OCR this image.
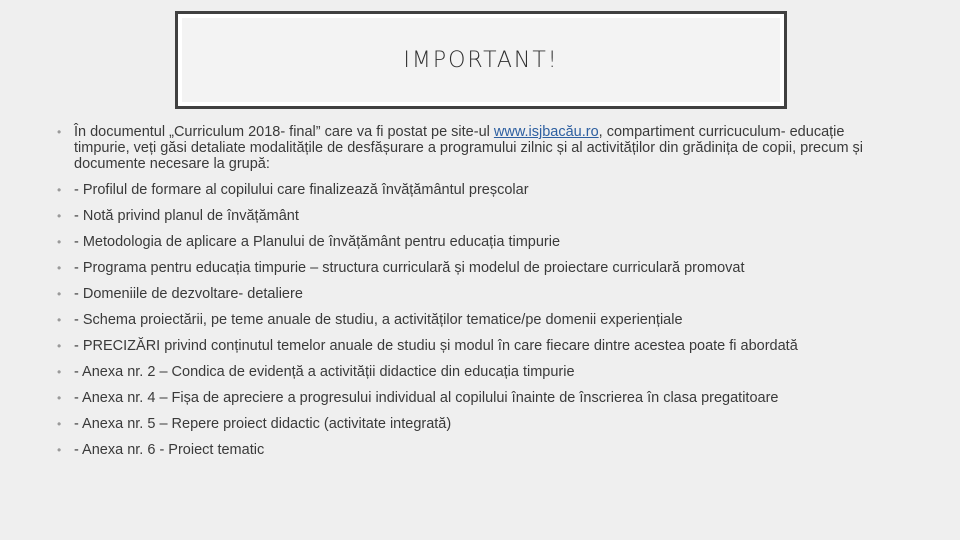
IMPORTANT!
• În documentul „Curriculum 2018- final” care va fi postat pe site-ul www.isjbacău.ro, compartiment curricuculum- educație timpurie, veți găsi detaliate modalitățile de desfășurare a programului zilnic și al activităților din grădinița de copii, precum și documente necesare la grupă:
• - Profilul de formare al copilului care finalizează învățământul preșcolar
• - Notă privind planul de învățământ
• - Metodologia de aplicare a Planului de învățământ pentru educația timpurie
• - Programa pentru educația timpurie – structura curriculară și modelul de proiectare curriculară promovat
• - Domeniile de dezvoltare- detaliere
• - Schema proiectării, pe teme anuale de studiu, a activităților tematice/pe domenii experiențiale
• - PRECIZĂRI privind conținutul temelor anuale de studiu și modul în care fiecare dintre acestea poate fi abordată
• - Anexa nr. 2 – Condica de evidență a activității didactice din educația timpurie
• - Anexa nr. 4 – Fișa de apreciere a progresului individual al copilului înainte de înscrierea în clasa pregatitoare
• - Anexa nr. 5 – Repere proiect didactic (activitate integrată)
• - Anexa nr. 6 - Proiect tematic
